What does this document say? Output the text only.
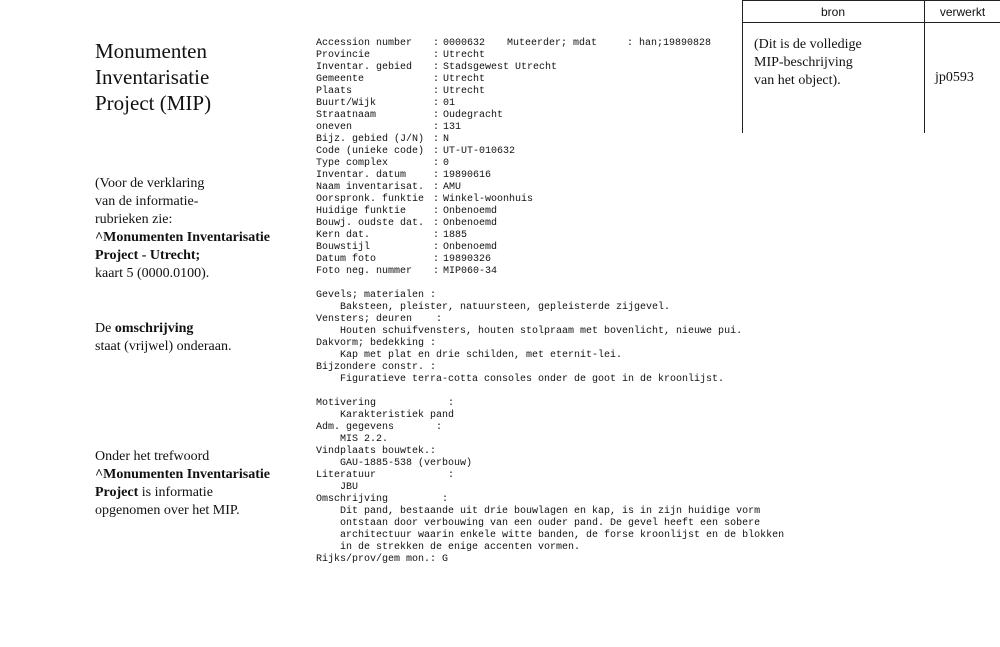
Monumenten
Inventarisatie
Project (MIP)
(Voor de verklaring
van de informatie-
rubrieken zie:
^Monumenten Inventarisatie
Project - Utrecht;
kaart 5 (0000.0100).
De omschrijving
staat (vrijwel) onderaan.
Onder het trefwoord
^Monumenten Inventarisatie
Project is informatie
opgenomen over het MIP.
Accession number	: 0000632 Muteerder; mdat	: han;19890828
Provincie	: Utrecht
Inventar. gebied	: Stadsgewest Utrecht
Gemeente	: Utrecht
Plaats	: Utrecht
Buurt/Wijk	: 01
Straatnaam	: Oudegracht
oneven	: 131
Bijz. gebied (J/N) : N
Code (unieke code) : UT-UT-010632
Type complex	: 0
Inventar. datum	: 19890616
Naam inventarisat. : AMU
Oorspronk. funktie : Winkel-woonhuis
Huidige funktie	: Onbenoemd
Bouwj. oudste dat. : Onbenoemd
Kern dat.	: 1885
Bouwstijl	: Onbenoemd
Datum foto	: 19890326
Foto neg. nummer	: MIP060-34
Gevels; materialen :
Baksteen, pleister, natuursteen, gepleisterde zijgevel.
Vensters; deuren    :
Houten schuifvensters, houten stolpraam met bovenlicht, nieuwe pui.
Dakvorm; bedekking :
Kap met plat en drie schilden, met eternit-lei.
Bijzondere constr. :
Figuratieve terra-cotta consoles onder de goot in de kroonlijst.
Motivering            :
Karakteristiek pand
Adm. gegevens       :
MIS 2.2.
Vindplaats bouwtek.:
GAU-1885-538 (verbouw)
Literatuur            :
JBU
Omschrijving         :
Dit pand, bestaande uit drie bouwlagen en kap, is in zijn huidige vorm
ontstaan door verbouwing van een ouder pand. De gevel heeft een sobere
architectuur waarin enkele witte banden, de forse kroonlijst en de blokken
in de strekken de enige accenten vormen.
Rijks/prov/gem mon.: G
bron	verwerkt
(Dit is de volledige
MIP-beschrijving
van het object).	jp0593
